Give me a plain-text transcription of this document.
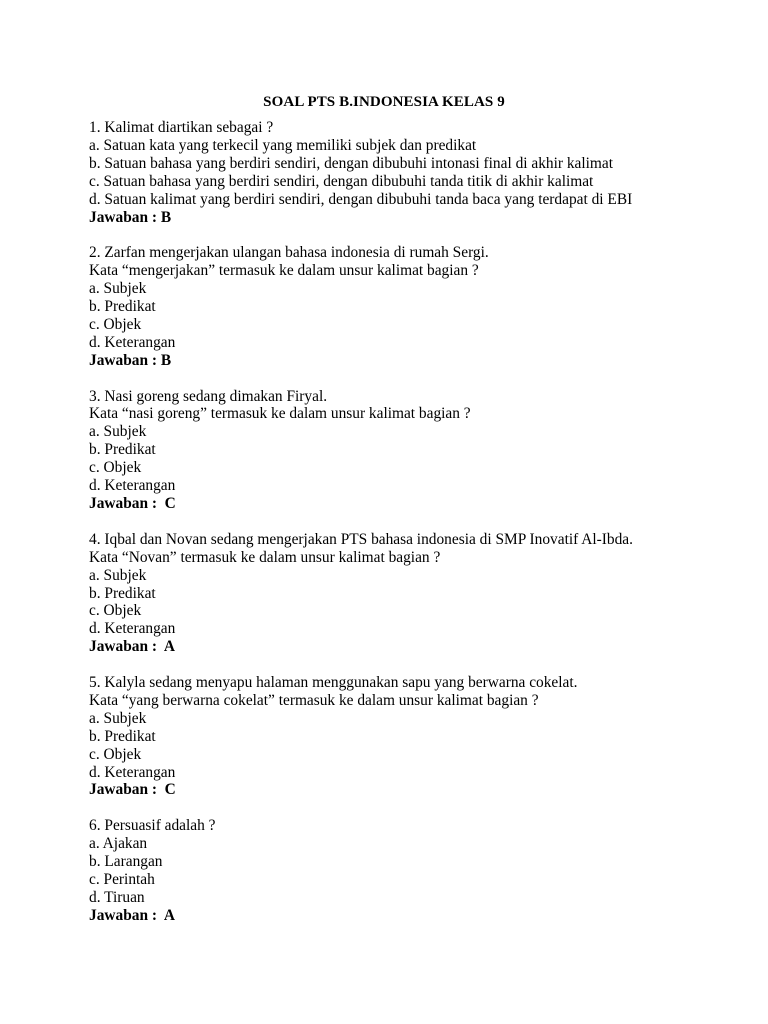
SOAL PTS B.INDONESIA KELAS 9
1. Kalimat diartikan sebagai ?
a. Satuan kata yang terkecil yang memiliki subjek dan predikat
b. Satuan bahasa yang berdiri sendiri, dengan dibubuhi intonasi final di akhir kalimat
c. Satuan bahasa yang berdiri sendiri, dengan dibubuhi tanda titik di akhir kalimat
d. Satuan kalimat yang berdiri sendiri, dengan dibubuhi tanda baca yang terdapat di EBI
Jawaban : B
2. Zarfan mengerjakan ulangan bahasa indonesia di rumah Sergi.
Kata “mengerjakan” termasuk ke dalam unsur kalimat bagian ?
a. Subjek
b. Predikat
c. Objek
d. Keterangan
Jawaban : B
3. Nasi goreng sedang dimakan Firyal.
Kata “nasi goreng” termasuk ke dalam unsur kalimat bagian ?
a. Subjek
b. Predikat
c. Objek
d. Keterangan
Jawaban :  C
4. Iqbal dan Novan sedang mengerjakan PTS bahasa indonesia di SMP Inovatif Al-Ibda.
Kata “Novan” termasuk ke dalam unsur kalimat bagian ?
a. Subjek
b. Predikat
c. Objek
d. Keterangan
Jawaban :  A
5. Kalyla sedang menyapu halaman menggunakan sapu yang berwarna cokelat.
Kata “yang berwarna cokelat” termasuk ke dalam unsur kalimat bagian ?
a. Subjek
b. Predikat
c. Objek
d. Keterangan
Jawaban :  C
6. Persuasif adalah ?
a. Ajakan
b. Larangan
c. Perintah
d. Tiruan
Jawaban :  A
